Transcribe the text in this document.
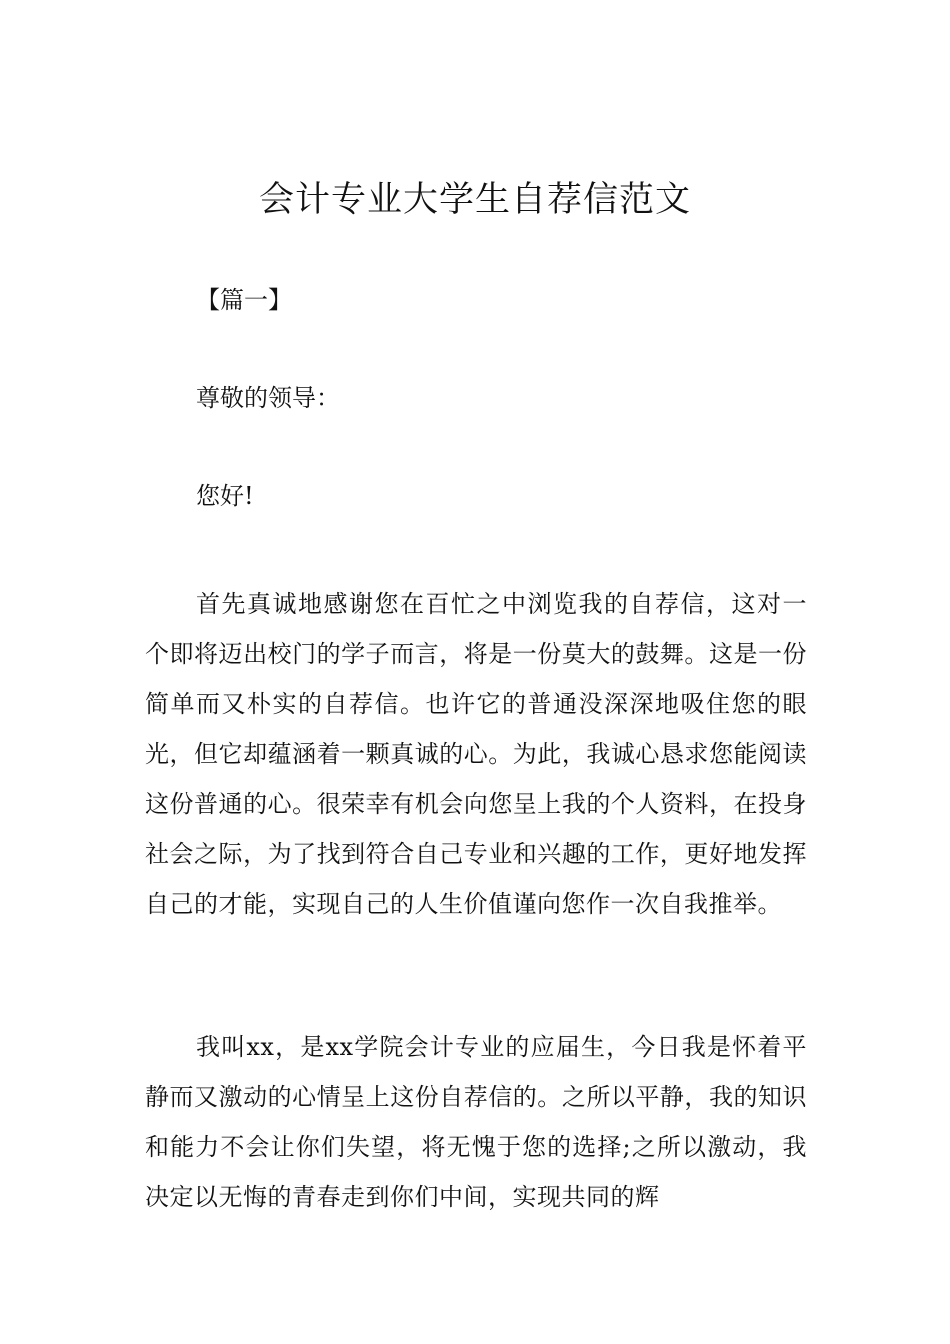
会计专业大学生自荐信范文

【篇一】

尊敬的领导：

您好!

首先真诚地感谢您在百忙之中浏览我的自荐信，这对一个即将迈出校门的学子而言，将是一份莫大的鼓舞。这是一份简单而又朴实的自荐信。也许它的普通没深深地吸住您的眼光，但它却蕴涵着一颗真诚的心。为此，我诚心恳求您能阅读这份普通的心。很荣幸有机会向您呈上我的个人资料，在投身社会之际，为了找到符合自己专业和兴趣的工作，更好地发挥自己的才能，实现自己的人生价值谨向您作一次自我推举。

我叫xx，是xx学院会计专业的应届生，今日我是怀着平静而又激动的心情呈上这份自荐信的。之所以平静，我的知识和能力不会让你们失望，将无愧于您的选择;之所以激动，我决定以无悔的青春走到你们中间，实现共同的辉
